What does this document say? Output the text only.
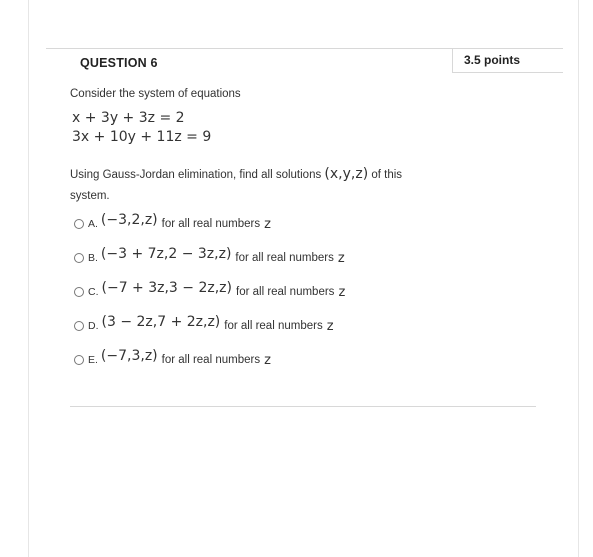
3.5 points
QUESTION 6
Consider the system of equations
x + 3y + 3z = 2
3x + 10y + 11z = 9
Using Gauss-Jordan elimination, find all solutions (x,y,z) of this
system.
A. (−3,2,z) for all real numbers z
B. (−3 + 7z,2 − 3z,z) for all real numbers z
C. (−7 + 3z,3 − 2z,z) for all real numbers z
D. (3 − 2z,7 + 2z,z) for all real numbers z
E. (−7,3,z) for all real numbers z
